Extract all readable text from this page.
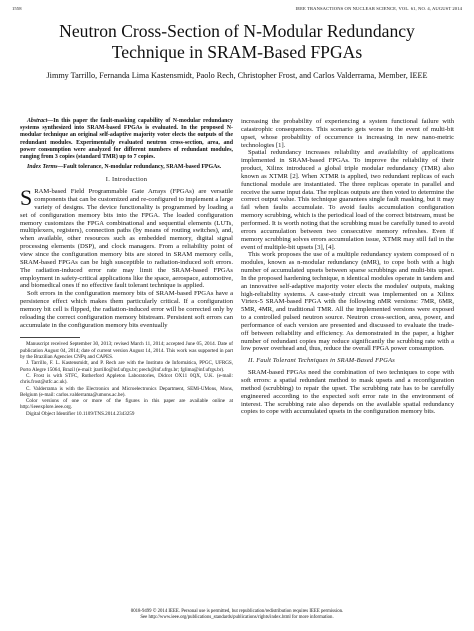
1558	IEEE TRANSACTIONS ON NUCLEAR SCIENCE, VOL. 61, NO. 4, AUGUST 2014
Neutron Cross-Section of N-Modular Redundancy
Technique in SRAM-Based FPGAs
Jimmy Tarrillo, Fernanda Lima Kastensmidt, Paolo Rech, Christopher Frost, and Carlos Valderrama, Member, IEEE

Abstract—In this paper the fault-masking capability of N-modular redundancy systems synthesized into SRAM-based FPGAs is evaluated. In the proposed N-modular technique an original self-adaptive majority voter elects the outputs of the redundant modules. Experimentally evaluated neutron cross-section, area, and power consumption were analyzed for different numbers of redundant modules, ranging from 3 copies (standard TMR) up to 7 copies.

Index Terms—Fault tolerance, N-modular redundancy, SRAM-based FPGAs.

I. Introduction

SRAM-based Field Programmable Gate Arrays (FPGAs) are versatile components that can be customized and re-configured to implement a large variety of designs. The device functionality is programmed by loading a set of configuration memory bits into the FPGA. The loaded configuration memory customizes the FPGA combinational and sequential elements (LUTs, multiplexers, registers), connection paths (by means of routing switches), and, when available, other resources such as embedded memory, digital signal processing elements (DSP), and clock managers. From a reliability point of view since the configuration memory bits are stored in SRAM memory cells, SRAM-based FPGAs can be high susceptible to radiation-induced soft errors. The radiation-induced error rate may limit the SRAM-based FPGAs employment in safety-critical applications like the space, aerospace, automotive, and biomedical ones if no effective fault tolerant technique is applied.

Soft errors in the configuration memory bits of SRAM-based FPGAs have a persistence effect which makes them particularly critical. If a configuration memory bit cell is flipped, the radiation-induced error will be corrected only by reloading the correct configuration memory bitstream. Persistent soft errors can accumulate in the configuration memory bits eventually

Manuscript received September 30, 2013; revised March 11, 2014; accepted June 05, 2014. Date of publication August 04, 2014; date of current version August 14, 2014. This work was supported in part by the Brazilian Agencies CNPq and CAPES.

J. Tarrillo, F. L. Kastensmidt, and P. Rech are with the Instituto de Informática, PPGC, UFRGS, Porto Alegre 15064, Brazil (e-mail: jtarrillo@inf.ufrgs.br; prech@inf.ufrgs.br; fglima@inf.ufrgs.br).

C. Frost is with STFC, Rutherford Appleton Laboratories, Didcot OX11 0QX, U.K. (e-mail: chris.frost@stfc.ac.uk).

C. Valderrama is with the Electronics and Microelectronics Department, SEMi-UMons, Mons, Belgium (e-mail: carlos.valderrama@umons.ac.be).

Color versions of one or more of the figures in this paper are available online at http://ieeexplore.ieee.org.

Digital Object Identifier 10.1109/TNS.2014.2343259

increasing the probability of experiencing a system functional failure with catastrophic consequences. This scenario gets worse in the event of multi-bit upset, whose probability of occurrence is increasing in new nano-metric technologies [1].

Spatial redundancy increases reliability and availability of applications implemented in SRAM-based FPGAs. To improve the reliability of their product, Xilinx introduced a global triple modular redundancy (TMR) also known as XTMR [2]. When XTMR is applied, two redundant replicas of each functional module are instantiated. The three replicas operate in parallel and receive the same input data. The replicas outputs are then voted to determine the correct output value. This technique guarantees single fault masking, but it may fail when faults accumulate. To avoid faults accumulation configuration memory scrubbing, which is the periodical load of the correct bitstream, must be performed. It is worth noting that the scrubbing must be carefully tuned to avoid errors accumulation between two consecutive memory refreshes. Even if memory scrubbing solves errors accumulation issue, XTMR may still fail in the event of multiple-bit upsets [3], [4].

This work proposes the use of a multiple redundancy system composed of n modules, known as n-modular redundancy (nMR), to cope both with a high number of accumulated upsets between sparse scrubbings and multi-bits upset. In the proposed hardening technique, n identical modules operate in tandem and an innovative self-adaptive majority voter elects the modules' outputs, making high-reliability systems. A case-study circuit was implemented on a Xilinx Virtex-5 SRAM-based FPGA with the following nMR versions: 7MR, 6MR, 5MR, 4MR, and traditional TMR. All the implemented versions were exposed to a controlled pulsed neutron source. Neutron cross-section, area, power, and performance of each version are presented and discussed to evaluate the trade-off between reliability and efficiency. As demonstrated in the paper, a higher number of redundant copies may reduce significantly the scrubbing rate with a low power overhead and, thus, reduce the overall FPGA power consumption.

II. Fault Tolerant Techniques in SRAM-Based FPGAs

SRAM-based FPGAs need the combination of two techniques to cope with soft errors: a spatial redundant method to mask upsets and a reconfiguration method (scrubbing) to repair the upset. The scrubbing rate has to be carefully engineered according to the expected soft error rate in the environment of interest. The scrubbing rate also depends on the available spatial redundancy copies to cope with accumulated upsets in the configuration memory bits.

0018-9499 © 2014 IEEE. Personal use is permitted, but republication/redistribution requires IEEE permission.
See http://www.ieee.org/publications_standards/publications/rights/index.html for more information.
